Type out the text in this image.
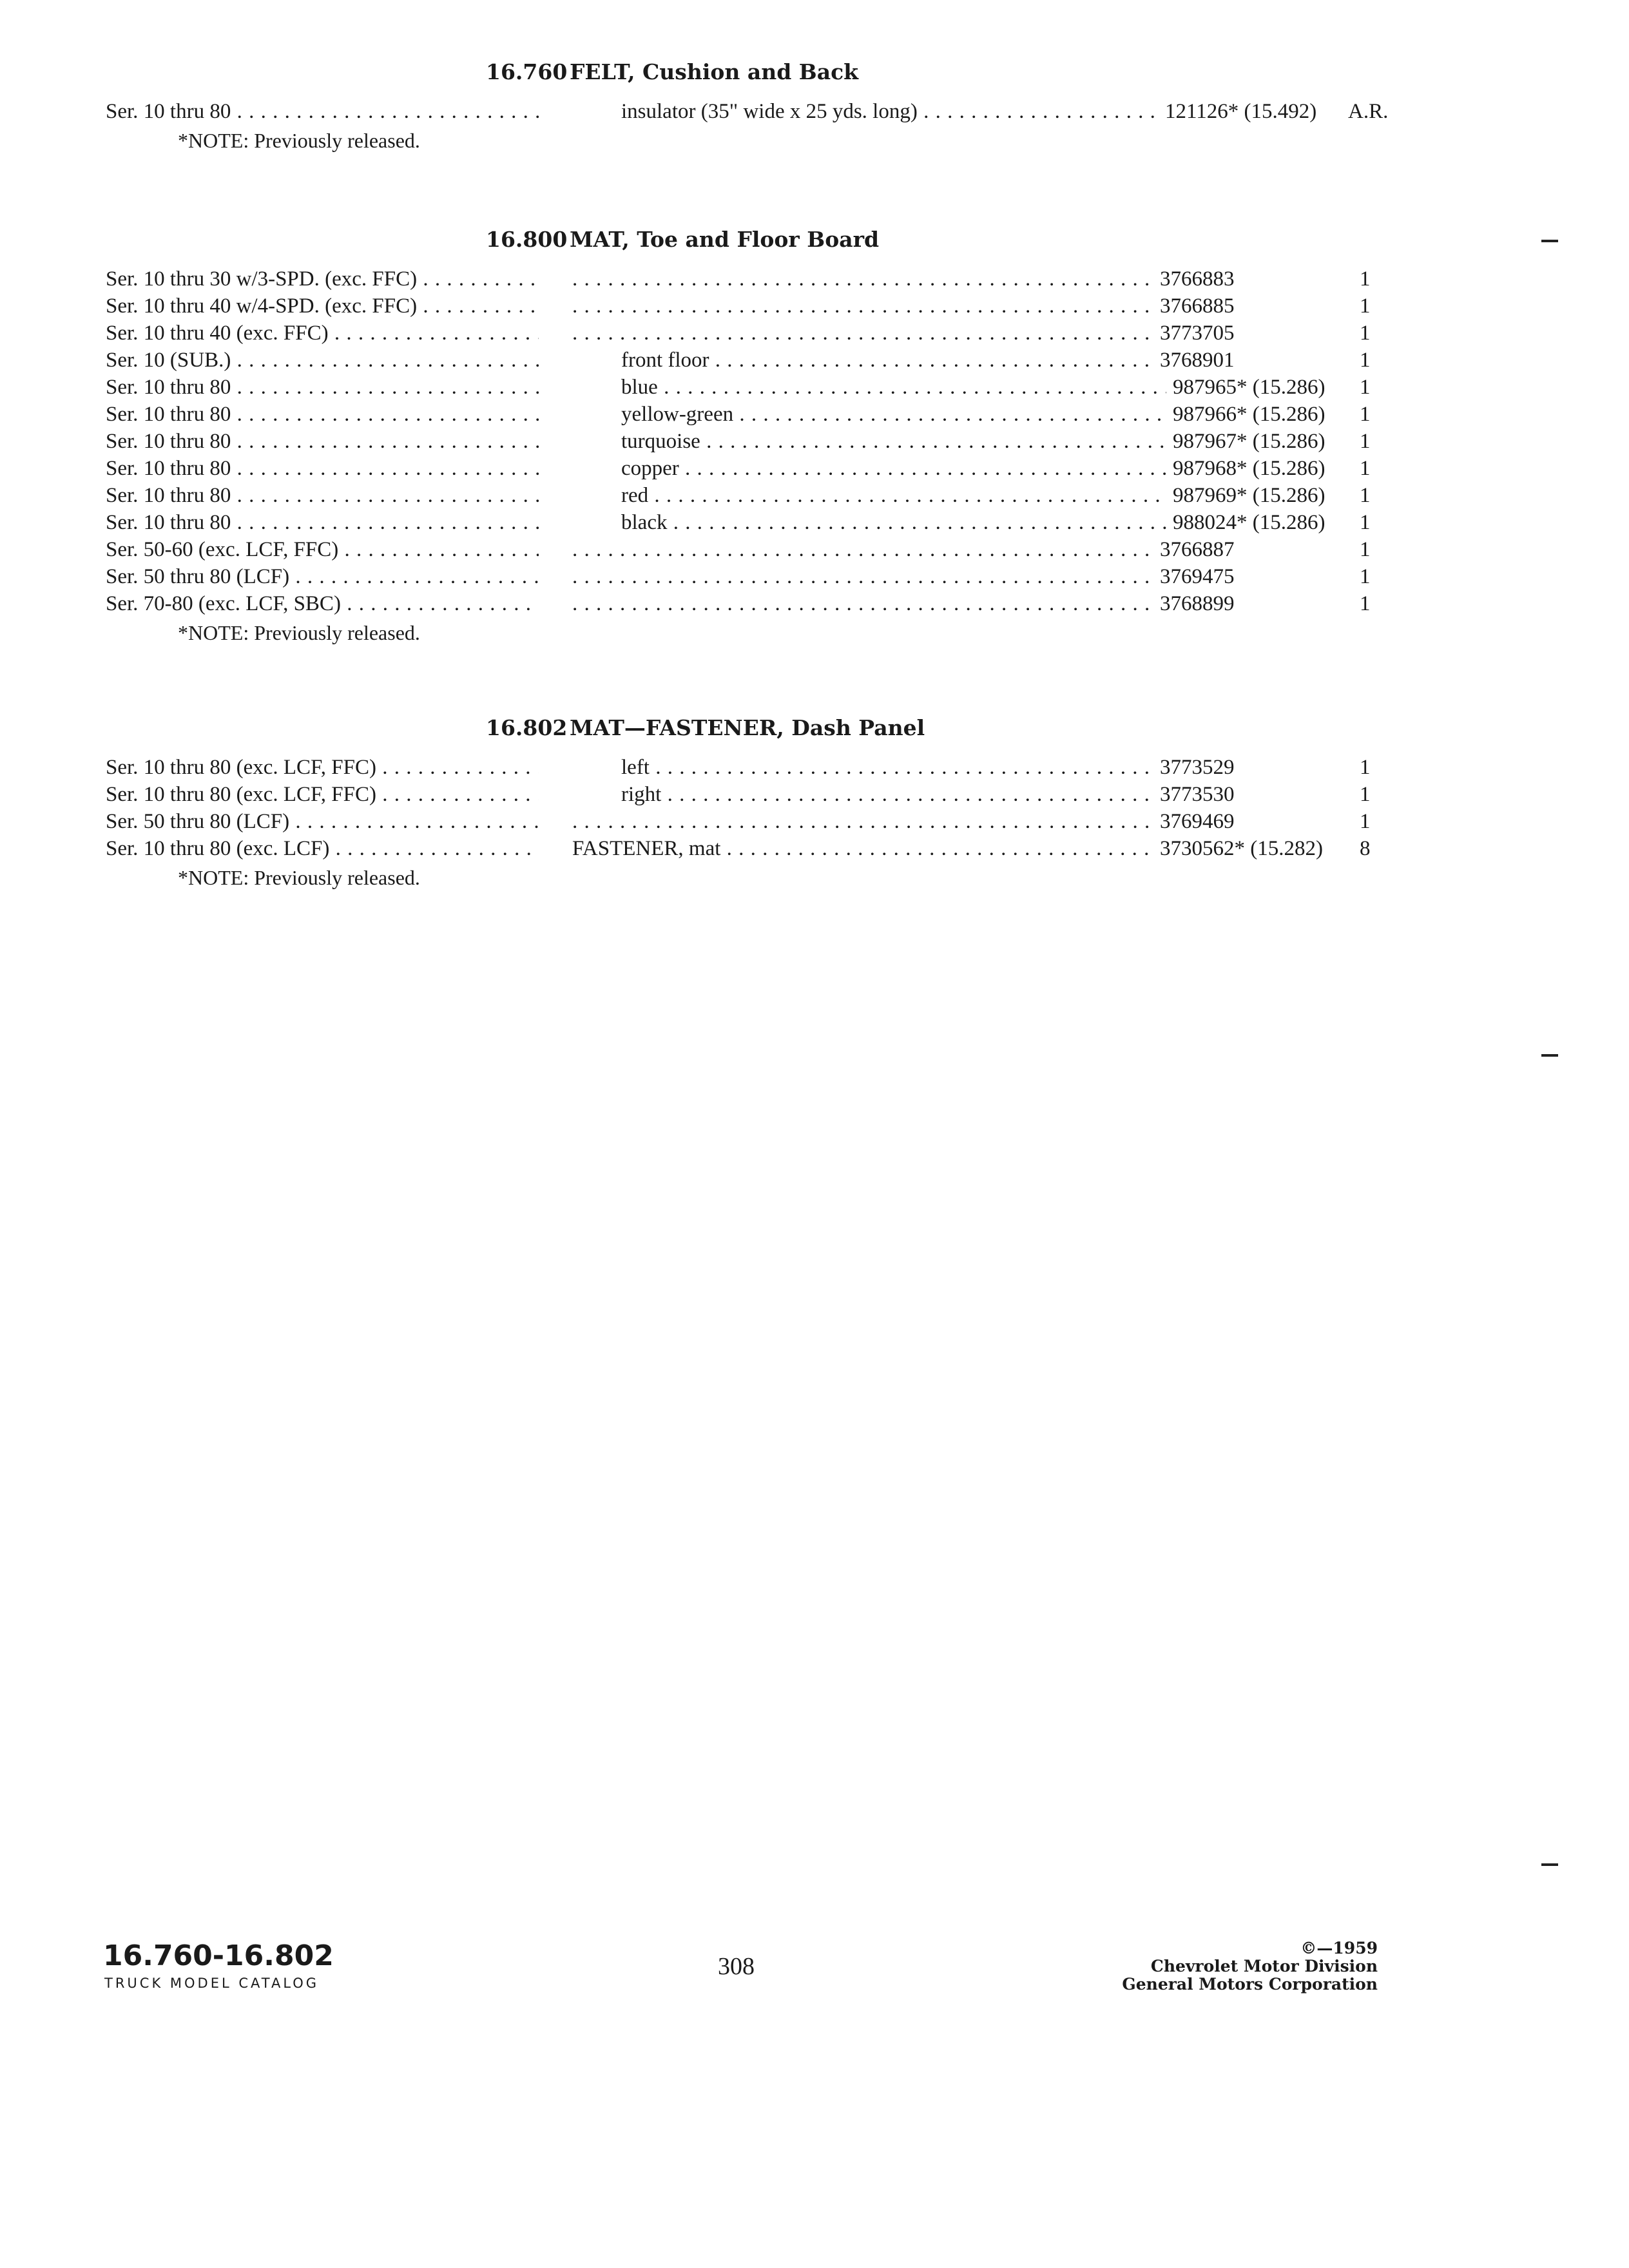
16.760 FELT, Cushion and Back
Ser. 10 thru 80 . . .	insulator (35" wide x 25 yds. long) . . .	121126* (15.492) A.R.
*NOTE: Previously released.
16.800 MAT, Toe and Floor Board
Ser. 10 thru 30 w/3-SPD. (exc. FFC) . . . . . .	3766883	1
Ser. 10 thru 40 w/4-SPD. (exc. FFC) . . . . . .	3766885	1
Ser. 10 thru 40 (exc. FFC) . . . . . .	3773705	1
Ser. 10 (SUB.) . . .	front floor . . .	3768901	1
Ser. 10 thru 80 . . .	blue . . .	987965* (15.286) 1
Ser. 10 thru 80 . . .	yellow-green . . .	987966* (15.286) 1
Ser. 10 thru 80 . . .	turquoise . . .	987967* (15.286) 1
Ser. 10 thru 80 . . .	copper . . .	987968* (15.286) 1
Ser. 10 thru 80 . . .	red . . .	987969* (15.286) 1
Ser. 10 thru 80 . . .	black . . .	988024* (15.286) 1
Ser. 50-60 (exc. LCF, FFC) . . . . . .	3766887	1
Ser. 50 thru 80 (LCF) . . . . . .	3769475	1
Ser. 70-80 (exc. LCF, SBC) . . . . . .	3768899	1
*NOTE: Previously released.
16.802 MAT—FASTENER, Dash Panel
Ser. 10 thru 80 (exc. LCF, FFC) . . .	left . . .	3773529	1
Ser. 10 thru 80 (exc. LCF, FFC) . . .	right . . .	3773530	1
Ser. 50 thru 80 (LCF) . . . . . .	3769469	1
Ser. 10 thru 80 (exc. LCF) . . .	FASTENER, mat . . .	3730562* (15.282) 8
*NOTE: Previously released.
16.760-16.802
TRUCK MODEL CATALOG
308
©—1959
Chevrolet Motor Division
General Motors Corporation
